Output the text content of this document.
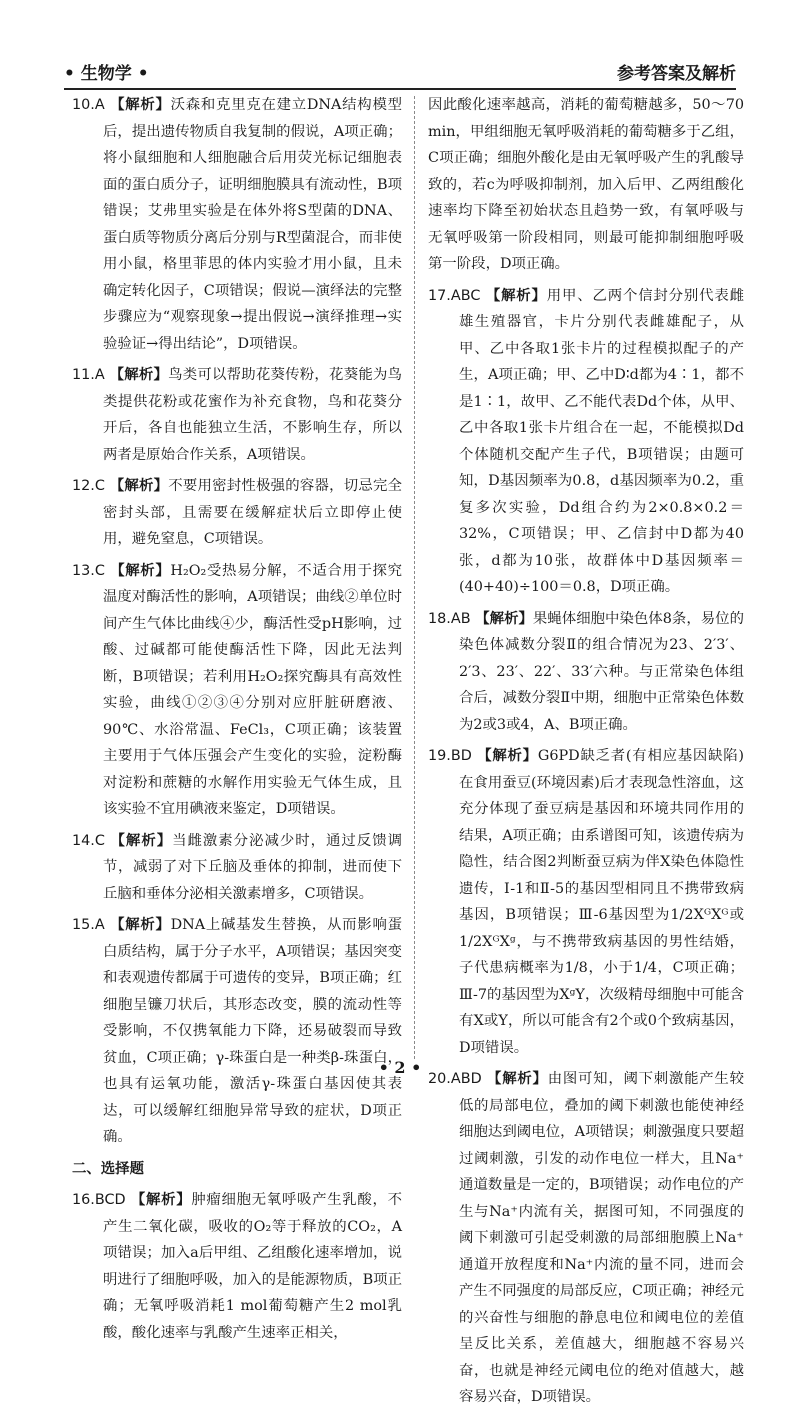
• 生物学 •	参考答案及解析
10.A 【解析】沃森和克里克在建立DNA结构模型后，提出遗传物质自我复制的假说，A项正确；将小鼠细胞和人细胞融合后用荧光标记细胞表面的蛋白质分子，证明细胞膜具有流动性，B项错误；艾弗里实验是在体外将S型菌的DNA、蛋白质等物质分离后分别与R型菌混合，而非使用小鼠，格里菲思的体内实验才用小鼠，且未确定转化因子，C项错误；假说—演绎法的完整步骤应为“观察现象→提出假说→演绎推理→实验验证→得出结论”，D项错误。
11.A 【解析】鸟类可以帮助花葵传粉，花葵能为鸟类提供花粉或花蜜作为补充食物，鸟和花葵分开后，各自也能独立生活，不影响生存，所以两者是原始合作关系，A项错误。
12.C 【解析】不要用密封性极强的容器，切忌完全密封头部，且需要在缓解症状后立即停止使用，避免窒息，C项错误。
13.C 【解析】H₂O₂受热易分解，不适合用于探究温度对酶活性的影响，A项错误；曲线②单位时间产生气体比曲线④少，酶活性受pH影响，过酸、过碱都可能使酶活性下降，因此无法判断，B项错误；若利用H₂O₂探究酶具有高效性实验，曲线①②③④分别对应肝脏研磨液、90℃、水浴常温、FeCl₃，C项正确；该装置主要用于气体压强会产生变化的实验，淀粉酶对淀粉和蔗糖的水解作用实验无气体生成，且该实验不宜用碘液来鉴定，D项错误。
14.C 【解析】当雌激素分泌减少时，通过反馈调节，减弱了对下丘脑及垂体的抑制，进而使下丘脑和垂体分泌相关激素增多，C项错误。
15.A 【解析】DNA上碱基发生替换，从而影响蛋白质结构，属于分子水平，A项错误；基因突变和表观遗传都属于可遗传的变异，B项正确；红细胞呈镰刀状后，其形态改变，膜的流动性等受影响，不仅携氧能力下降，还易破裂而导致贫血，C项正确；γ-珠蛋白是一种类β-珠蛋白，也具有运氧功能，激活γ-珠蛋白基因使其表达，可以缓解红细胞异常导致的症状，D项正确。
二、选择题
16.BCD 【解析】肿瘤细胞无氧呼吸产生乳酸，不产生二氧化碳，吸收的O₂等于释放的CO₂，A项错误；加入a后甲组、乙组酸化速率增加，说明进行了细胞呼吸，加入的是能源物质，B项正确；无氧呼吸消耗1 mol葡萄糖产生2 mol乳酸，酸化速率与乳酸产生速率正相关，
因此酸化速率越高，消耗的葡萄糖越多，50～70 min，甲组细胞无氧呼吸消耗的葡萄糖多于乙组，C项正确；细胞外酸化是由无氧呼吸产生的乳酸导致的，若c为呼吸抑制剂，加入后甲、乙两组酸化速率均下降至初始状态且趋势一致，有氧呼吸与无氧呼吸第一阶段相同，则最可能抑制细胞呼吸第一阶段，D项正确。
17.ABC 【解析】用甲、乙两个信封分别代表雌雄生殖器官，卡片分别代表雌雄配子，从甲、乙中各取1张卡片的过程模拟配子的产生，A项正确；甲、乙中D∶d都为4∶1，都不是1∶1，故甲、乙不能代表Dd个体，从甲、乙中各取1张卡片组合在一起，不能模拟Dd个体随机交配产生子代，B项错误；由题可知，D基因频率为0.8，d基因频率为0.2，重复多次实验，Dd组合约为2×0.8×0.2＝32%，C项错误；甲、乙信封中D都为40张，d都为10张，故群体中D基因频率＝(40+40)÷100＝0.8，D项正确。
18.AB 【解析】果蝇体细胞中染色体8条，易位的染色体减数分裂Ⅱ的组合情况为23、2′3′、2′3、23′、22′、33′六种。与正常染色体组合后，减数分裂Ⅱ中期，细胞中正常染色体数为2或3或4，A、B项正确。
19.BD 【解析】G6PD缺乏者(有相应基因缺陷)在食用蚕豆(环境因素)后才表现急性溶血，这充分体现了蚕豆病是基因和环境共同作用的结果，A项正确；由系谱图可知，该遗传病为隐性，结合图2判断蚕豆病为伴X染色体隐性遗传，Ⅰ-1和Ⅱ-5的基因型相同且不携带致病基因，B项错误；Ⅲ-6基因型为1/2XᴳXᴳ或1/2XᴳXᵍ，与不携带致病基因的男性结婚，子代患病概率为1/8，小于1/4，C项正确；Ⅲ-7的基因型为XᵍY，次级精母细胞中可能含有X或Y，所以可能含有2个或0个致病基因，D项错误。
20.ABD 【解析】由图可知，阈下刺激能产生较低的局部电位，叠加的阈下刺激也能使神经细胞达到阈电位，A项错误；刺激强度只要超过阈刺激，引发的动作电位一样大，且Na⁺通道数量是一定的，B项错误；动作电位的产生与Na⁺内流有关，据图可知，不同强度的阈下刺激可引起受刺激的局部细胞膜上Na⁺通道开放程度和Na⁺内流的量不同，进而会产生不同强度的局部反应，C项正确；神经元的兴奋性与细胞的静息电位和阈电位的差值呈反比关系，差值越大，细胞越不容易兴奋，也就是神经元阈电位的绝对值越大，越容易兴奋，D项错误。
• 2 •
